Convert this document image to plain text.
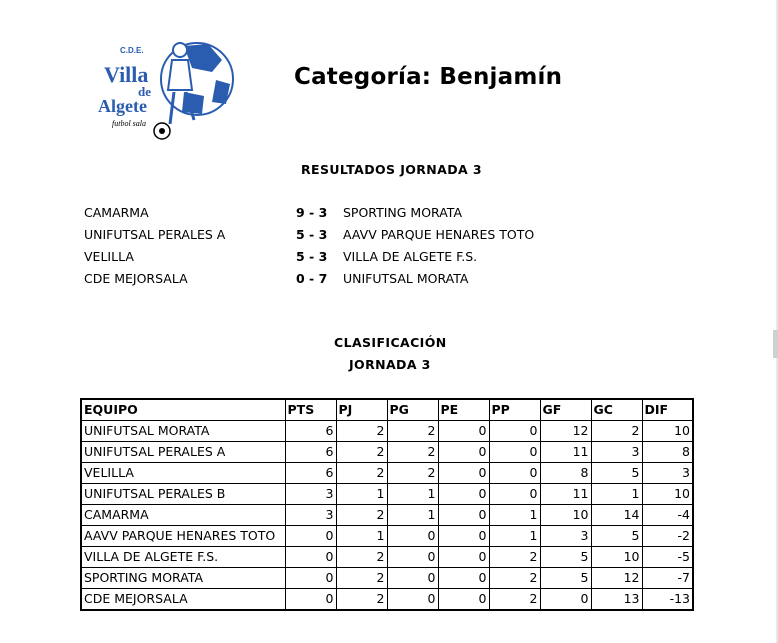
C.D.E.
Villa
de
Algete
futbol sala
Categoría: Benjamín
RESULTADOS JORNADA 3
CAMARMA	9 - 3 SPORTING MORATA
UNIFUTSAL PERALES A	5 - 3 AAVV PARQUE HENARES TOTO
VELILLA	5 - 3 VILLA DE ALGETE F.S.
CDE MEJORSALA	0 - 7 UNIFUTSAL MORATA
CLASIFICACIÓN
JORNADA 3
EQUIPO	PTS	PJ	PG	PE	PP	GF	GC	DIF
UNIFUTSAL MORATA	6	2	2	0	0	12	2	10
UNIFUTSAL PERALES A	6	2	2	0	0	11	3	8
VELILLA	6	2	2	0	0	8	5	3
UNIFUTSAL PERALES B	3	1	1	0	0	11	1	10
CAMARMA	3	2	1	0	1	10	14	-4
AAVV PARQUE HENARES TOTO	0	1	0	0	1	3	5	-2
VILLA DE ALGETE F.S.	0	2	0	0	2	5	10	-5
SPORTING MORATA	0	2	0	0	2	5	12	-7
CDE MEJORSALA	0	2	0	0	2	0	13	-13
